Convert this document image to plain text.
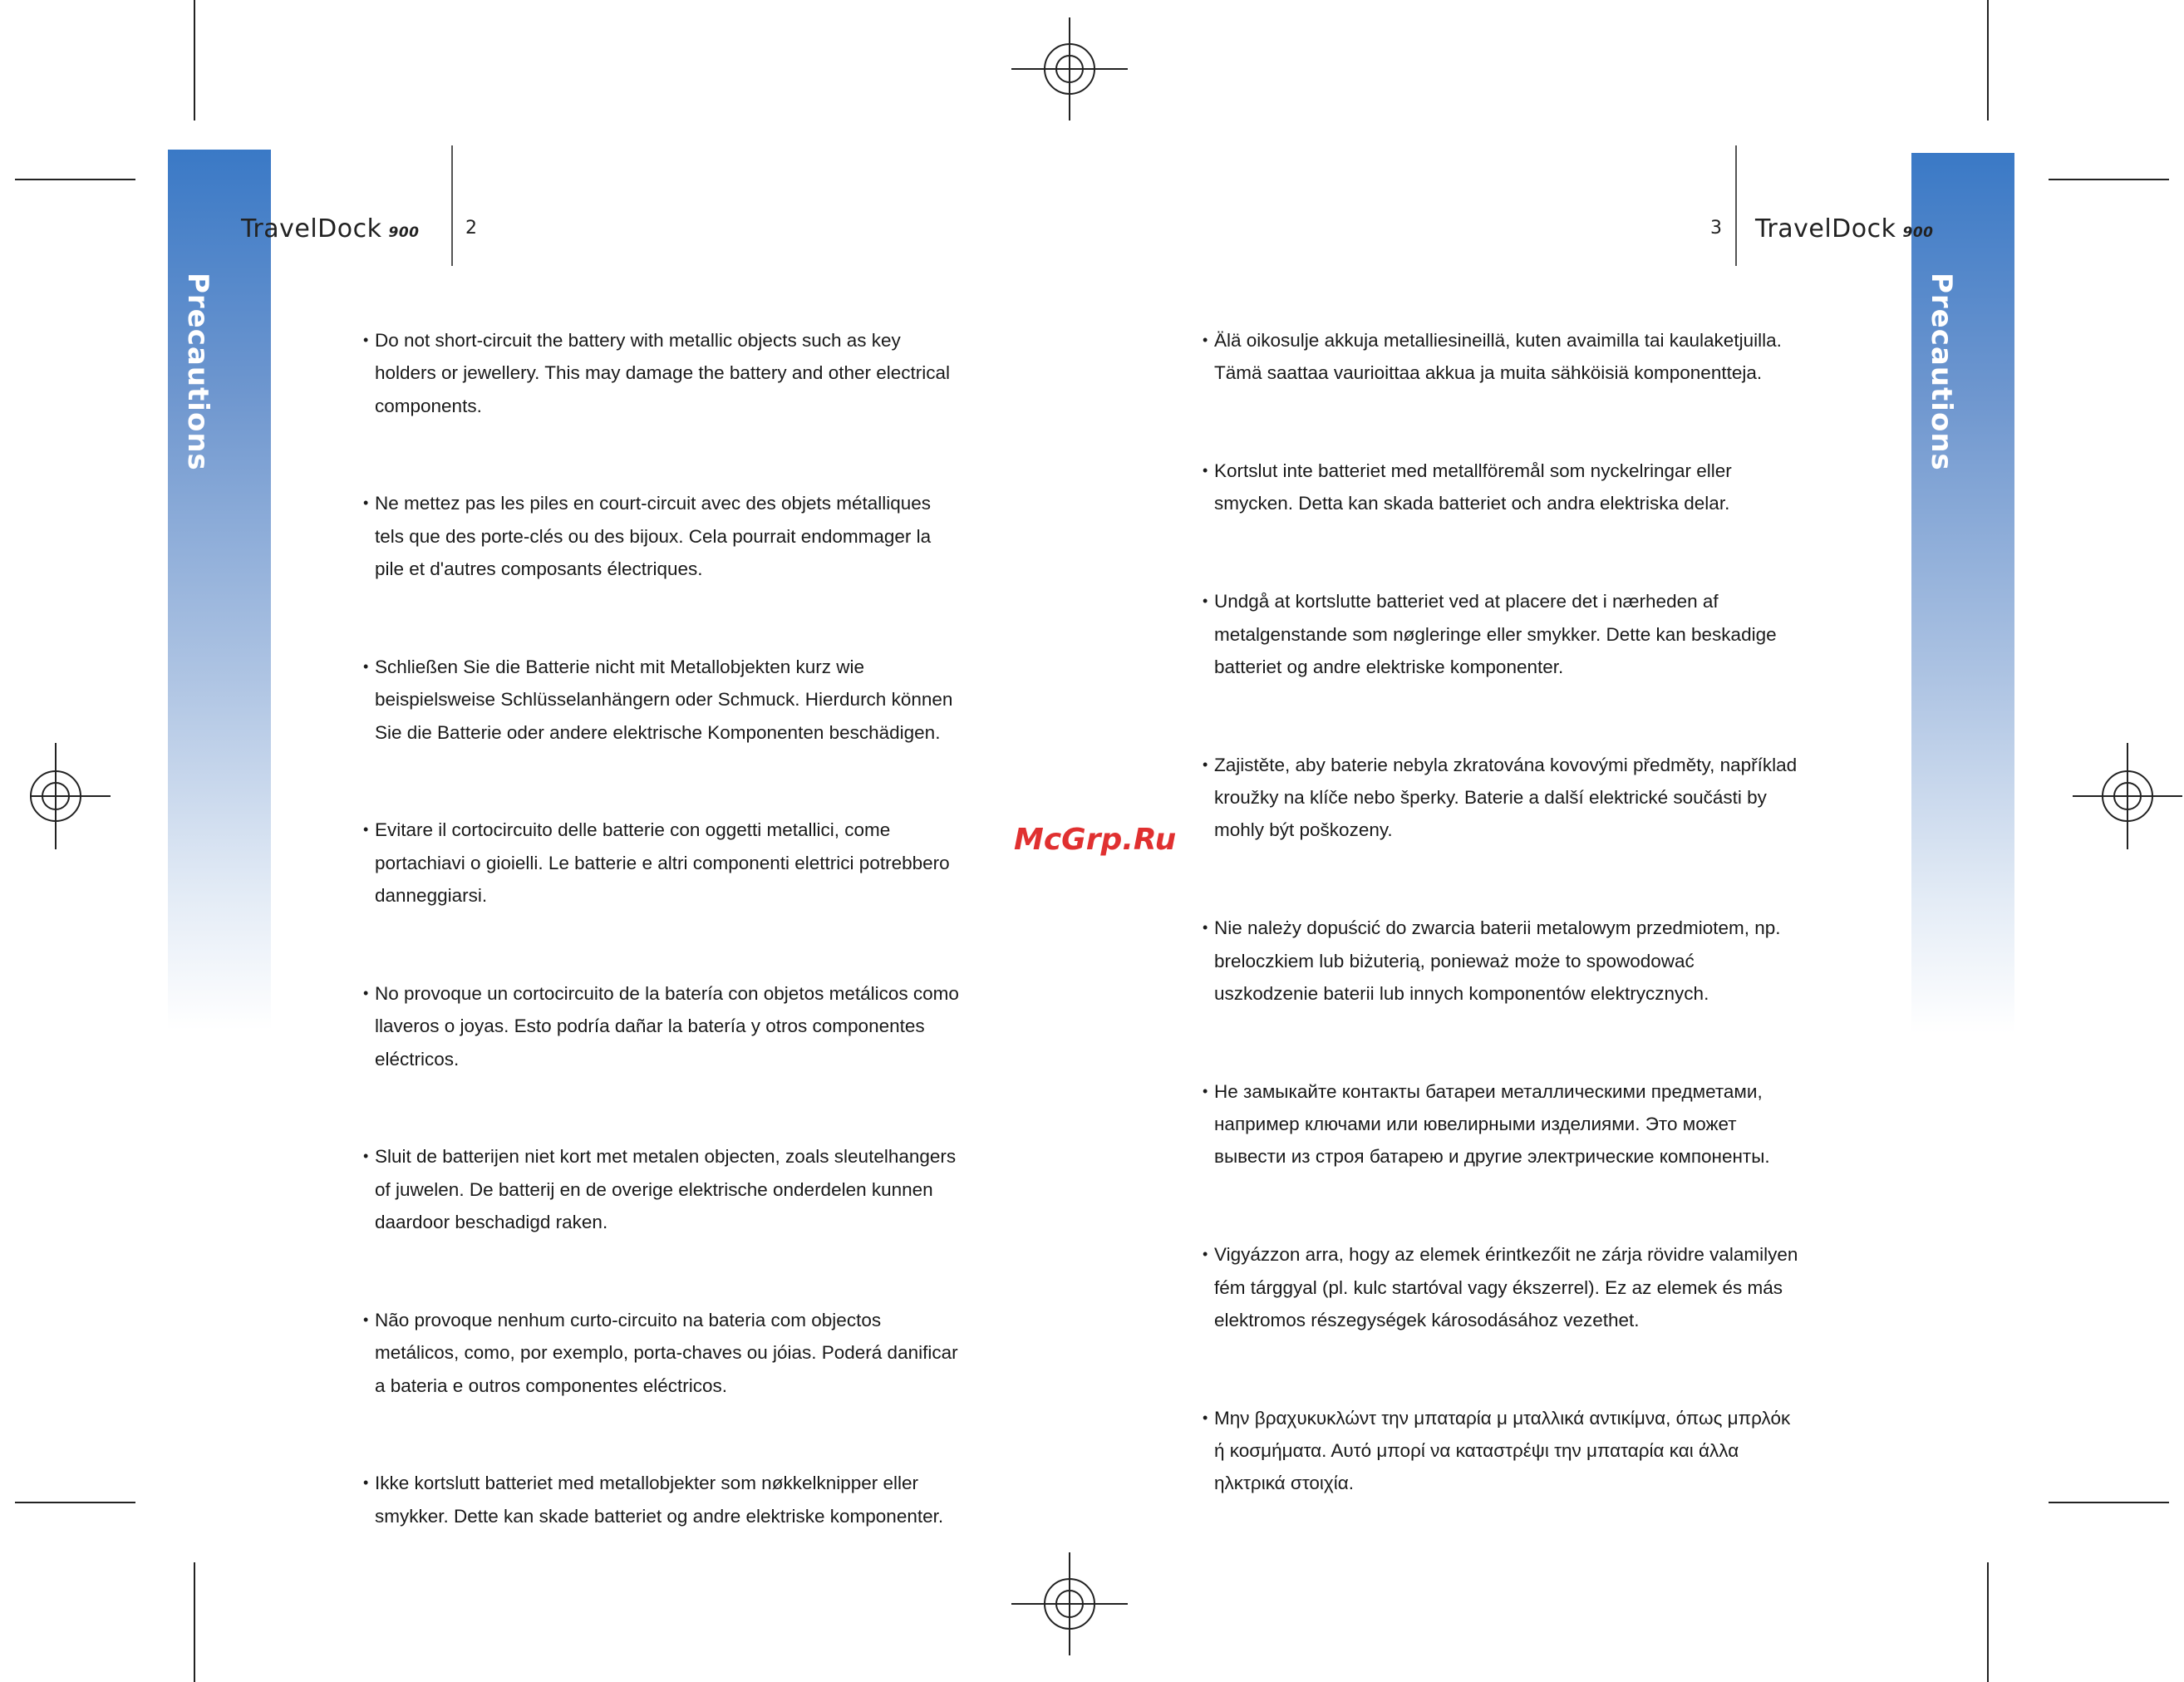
Precautions	Precautions
TravelDock 900	2	3 TravelDock 900

• Do not short-circuit the battery with metallic objects such as key holders or jewellery. This may damage the battery and other electrical components.

• Ne mettez pas les piles en court-circuit avec des objets métalliques tels que des porte-clés ou des bijoux. Cela pourrait endommager la pile et d'autres composants électriques.

• Schließen Sie die Batterie nicht mit Metallobjekten kurz wie beispielsweise Schlüsselanhängern oder Schmuck. Hierdurch können Sie die Batterie oder andere elektrische Komponenten beschädigen.

• Evitare il cortocircuito delle batterie con oggetti metallici, come portachiavi o gioielli. Le batterie e altri componenti elettrici potrebbero danneggiarsi.

• No provoque un cortocircuito de la batería con objetos metálicos como llaveros o joyas. Esto podría dañar la batería y otros componentes eléctricos.

• Sluit de batterijen niet kort met metalen objecten, zoals sleutelhangers of juwelen. De batterij en de overige elektrische onderdelen kunnen daardoor beschadigd raken.

• Não provoque nenhum curto-circuito na bateria com objectos metálicos, como, por exemplo, porta-chaves ou jóias. Poderá danificar a bateria e outros componentes eléctricos.

• Ikke kortslutt batteriet med metallobjekter som nøkkelknipper eller smykker. Dette kan skade batteriet og andre elektriske komponenter.

• Älä oikosulje akkuja metalliesineillä, kuten avaimilla tai kaulaketjuilla. Tämä saattaa vaurioittaa akkua ja muita sähköisiä komponentteja.

• Kortslut inte batteriet med metallföremål som nyckelringar eller smycken. Detta kan skada batteriet och andra elektriska delar.

• Undgå at kortslutte batteriet ved at placere det i nærheden af metalgenstande som nøgleringe eller smykker. Dette kan beskadige batteriet og andre elektriske komponenter.

• Zajistěte, aby baterie nebyla zkratována kovovými předměty, například kroužky na klíče nebo šperky. Baterie a další elektrické součásti by mohly být poškozeny.

• Nie należy dopuścić do zwarcia baterii metalowym przedmiotem, np. breloczkiem lub biżuterią, ponieważ może to spowodować uszkodzenie baterii lub innych komponentów elektrycznych.

• Не замыкайте контакты батареи металлическими предметами, например ключами или ювелирными изделиями. Это может вывести из строя батарею и другие электрические компоненты.

• Vigyázzon arra, hogy az elemek érintkezőit ne zárja rövidre valamilyen fém tárggyal (pl. kulc startóval vagy ékszerrel). Ez az elemek és más elektromos részegységek károsodásához vezethet.

• Μην βραχυκυκλώντ την μπαταρία μ μταλλικά αντικίμνα, όπως μπρλόκ ή κοσμήματα. Αυτό μπορί να καταστρέψι την μπαταρία και άλλα ηλκτρικά στοιχία.

McGrp.Ru
